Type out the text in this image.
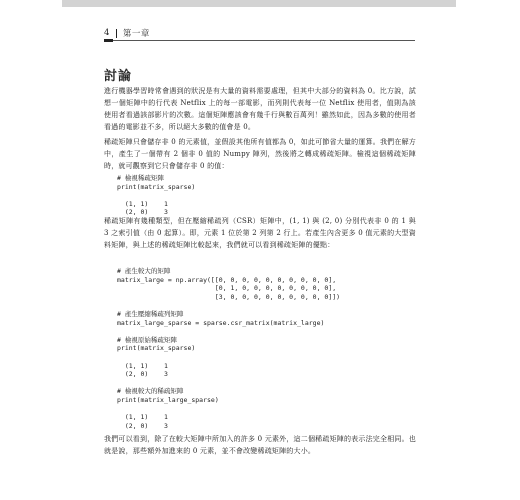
4 第一章
討論

進行機器學習時常會遇到的狀況是有大量的資料需要處理，但其中大部分的資料為 0。比方說，試想一個矩陣中的行代表 Netflix 上的每一部電影，而列則代表每一位 Netflix 使用者，值則為該使用者看過該部影片的次數。這個矩陣應該會有幾千行與數百萬列！雖然如此，因為多數的使用者看過的電影並不多，所以絕大多數的值會是 0。

稀疏矩陣只會儲存非 0 的元素值，並假設其他所有值都為 0，如此可節省大量的運算。我們在解方中，產生了一個帶有 2 個非 0 值的 Numpy 陣列，然後將之轉成稀疏矩陣。檢視這個稀疏矩陣時，就可觀察到它只會儲存非 0 的值：

# 檢視稀疏矩陣
print(matrix_sparse)

(1, 1)    1
(2, 0)    3

稀疏矩陣有幾種類型，但在壓縮稀疏列（CSR）矩陣中，(1, 1) 與 (2, 0) 分別代表非 0 的 1 與 3 之索引值（由 0 起算）。即，元素 1 位於第 2 列第 2 行上。若產生內含更多 0 值元素的大型資料矩陣，與上述的稀疏矩陣比較起來，我們就可以看到稀疏矩陣的優點：

# 產生較大的矩陣
matrix_large = np.array([[0, 0, 0, 0, 0, 0, 0, 0, 0, 0],
[0, 1, 0, 0, 0, 0, 0, 0, 0, 0],
[3, 0, 0, 0, 0, 0, 0, 0, 0, 0]])

# 產生壓縮稀疏列矩陣
matrix_large_sparse = sparse.csr_matrix(matrix_large)

# 檢視原始稀疏矩陣
print(matrix_sparse)

(1, 1)    1
(2, 0)    3

# 檢視較大的稀疏矩陣
print(matrix_large_sparse)

(1, 1)    1
(2, 0)    3

我們可以看到，除了在較大矩陣中所加入的許多 0 元素外，這二個稀疏矩陣的表示法完全相同。也就是說，那些額外加進來的 0 元素，並不會改變稀疏矩陣的大小。
